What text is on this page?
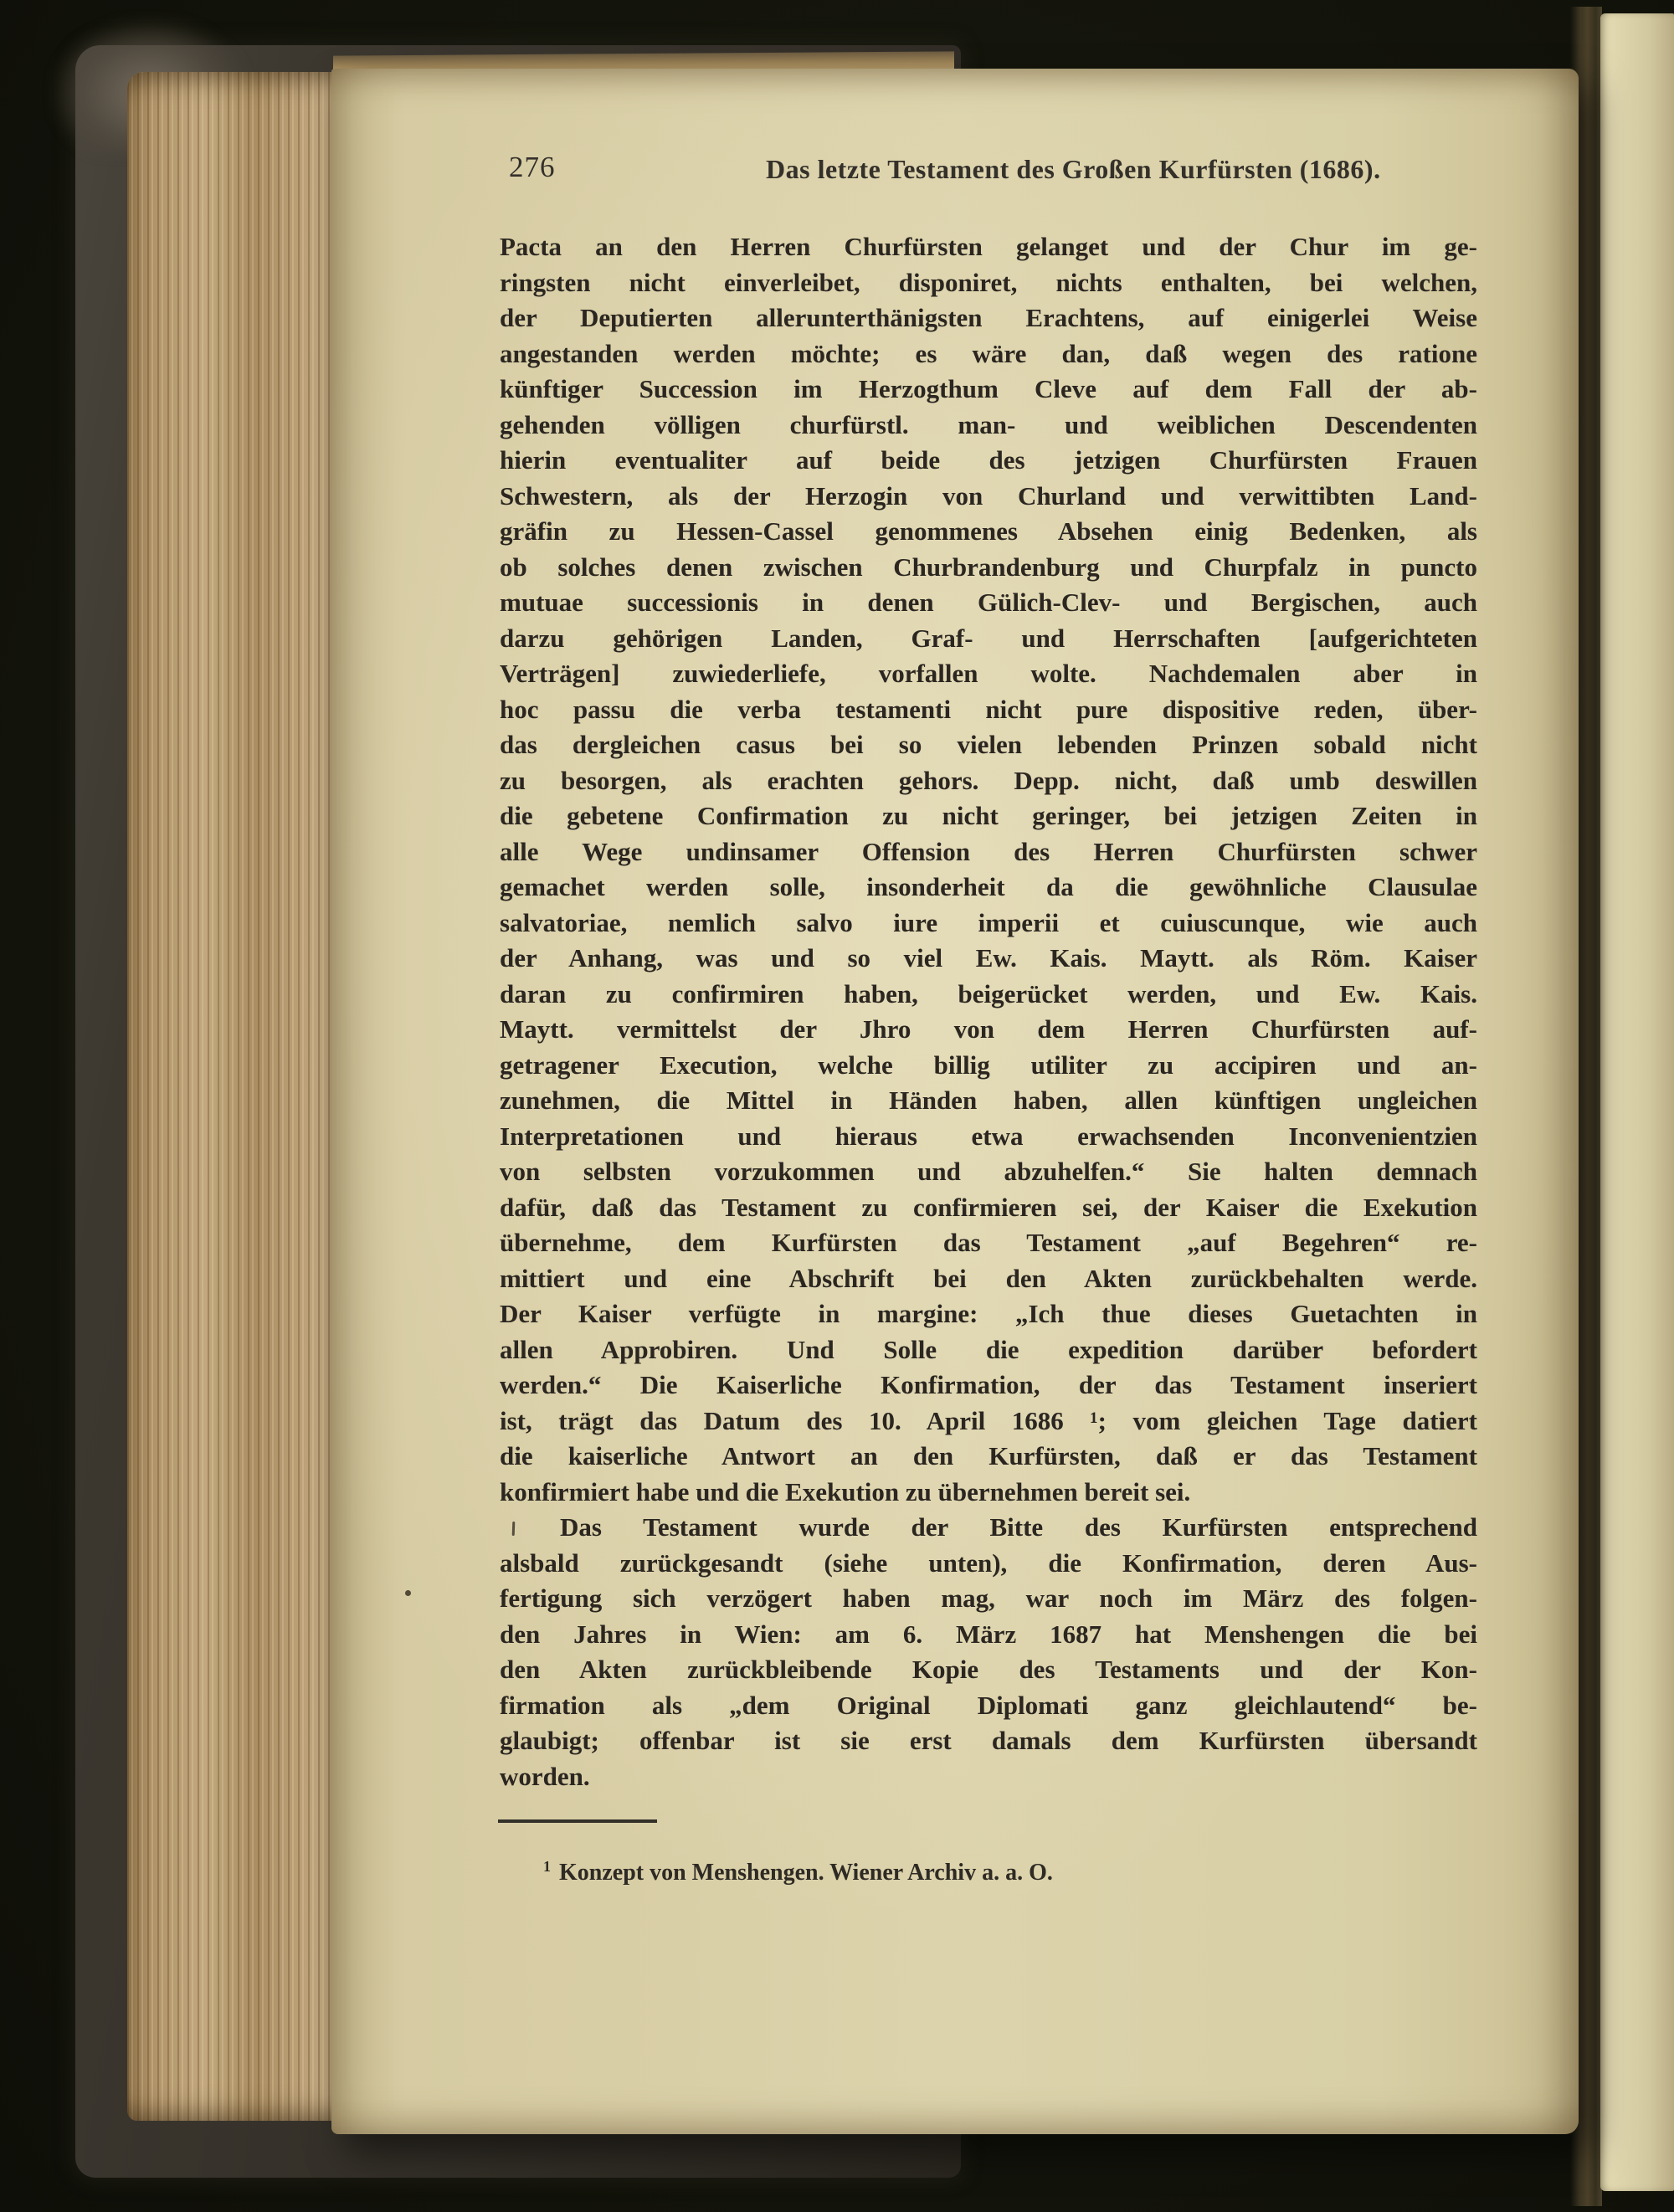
276	Das letzte Testament des Großen Kurfürsten (1686).
Pacta an den Herren Churfürsten gelanget und der Chur im ge-
ringsten nicht einverleibet, disponiret, nichts enthalten, bei welchen,
der Deputierten allerunterthänigsten Erachtens, auf einigerlei Weise
angestanden werden möchte; es wäre dan, daß wegen des ratione
künftiger Succession im Herzogthum Cleve auf dem Fall der ab-
gehenden völligen churfürstl. man- und weiblichen Descendenten
hierin eventualiter auf beide des jetzigen Churfürsten Frauen
Schwestern, als der Herzogin von Churland und verwittibten Land-
gräfin zu Hessen-Cassel genommenes Absehen einig Bedenken, als
ob solches denen zwischen Churbrandenburg und Churpfalz in puncto
mutuae successionis in denen Gülich-Clev- und Bergischen, auch
darzu gehörigen Landen, Graf- und Herrschaften [aufgerichteten
Verträgen] zuwiederliefe, vorfallen wolte. Nachdemalen aber in
hoc passu die verba testamenti nicht pure dispositive reden, über-
das dergleichen casus bei so vielen lebenden Prinzen sobald nicht
zu besorgen, als erachten gehors. Depp. nicht, daß umb deswillen
die gebetene Confirmation zu nicht geringer, bei jetzigen Zeiten in
alle Wege undinsamer Offension des Herren Churfürsten schwer
gemachet werden solle, insonderheit da die gewöhnliche Clausulae
salvatoriae, nemlich salvo iure imperii et cuiuscunque, wie auch
der Anhang, was und so viel Ew. Kais. Maytt. als Röm. Kaiser
daran zu confirmiren haben, beigerücket werden, und Ew. Kais.
Maytt. vermittelst der Jhro von dem Herren Churfürsten auf-
getragener Execution, welche billig utiliter zu accipiren und an-
zunehmen, die Mittel in Händen haben, allen künftigen ungleichen
Interpretationen und hieraus etwa erwachsenden Inconvenientzien
von selbsten vorzukommen und abzuhelfen.“ Sie halten demnach
dafür, daß das Testament zu confirmieren sei, der Kaiser die Exekution
übernehme, dem Kurfürsten das Testament „auf Begehren“ re-
mittiert und eine Abschrift bei den Akten zurückbehalten werde.
Der Kaiser verfügte in margine: „Ich thue dieses Guetachten in
allen Approbiren. Und Solle die expedition darüber befordert
werden.“ Die Kaiserliche Konfirmation, der das Testament inseriert
ist, trägt das Datum des 10. April 1686 ¹; vom gleichen Tage datiert
die kaiserliche Antwort an den Kurfürsten, daß er das Testament
konfirmiert habe und die Exekution zu übernehmen bereit sei.
Das Testament wurde der Bitte des Kurfürsten entsprechend
alsbald zurückgesandt (siehe unten), die Konfirmation, deren Aus-
fertigung sich verzögert haben mag, war noch im März des folgen-
den Jahres in Wien: am 6. März 1687 hat Menshengen die bei
den Akten zurückbleibende Kopie des Testaments und der Kon-
firmation als „dem Original Diplomati ganz gleichlautend“ be-
glaubigt; offenbar ist sie erst damals dem Kurfürsten übersandt
worden.
$^1$ Konzept von Menshengen. Wiener Archiv a. a. O.
